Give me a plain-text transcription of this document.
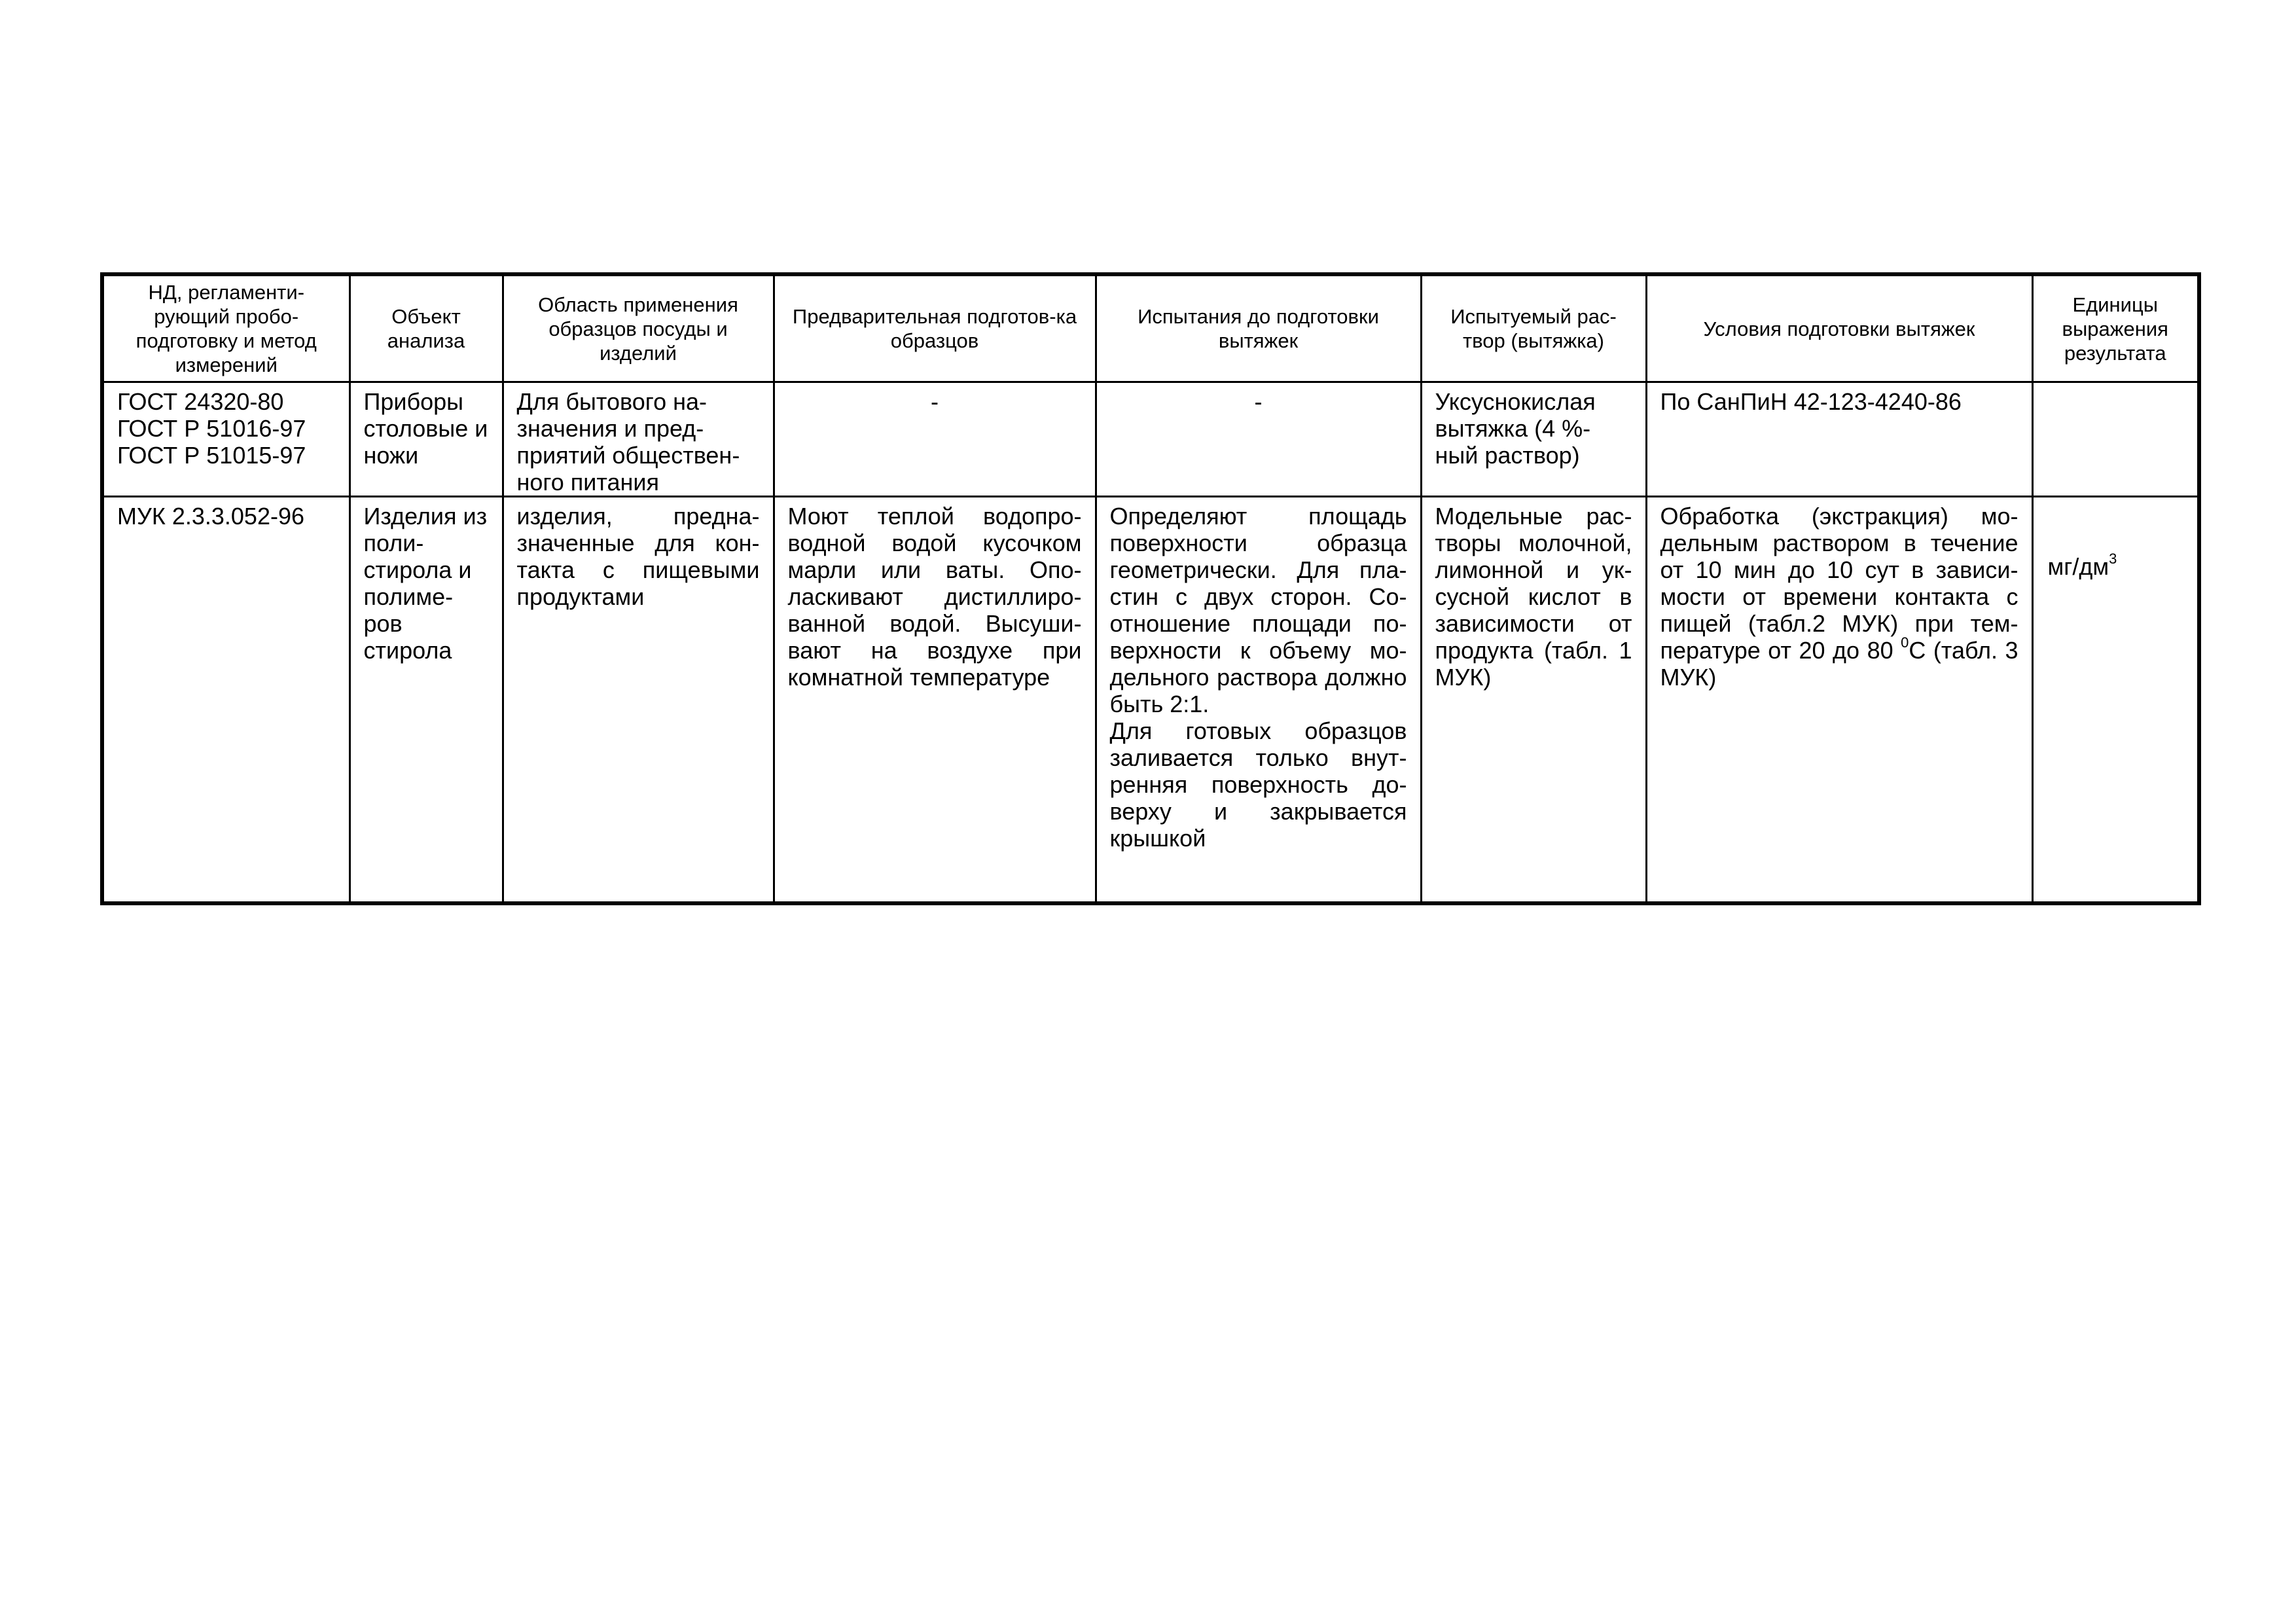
НД, регламенти-рующий пробо-подготовку и метод измерений	Объект анализа	Область применения образцов посуды и изделий	Предварительная подготов-ка образцов	Испытания до подготовки вытяжек	Испытуемый рас-твор (вытяжка)	Условия подготовки вытяжек	Единицы выражения результата

ГОСТ 24320-80
ГОСТ Р 51016-97
ГОСТ Р 51015-97	Приборы столовые и ножи	Для бытового на-значения и пред-приятий обществен-ного питания	-	-	Уксуснокислая вытяжка (4 %-ный раствор)	По СанПиН 42-123-4240-86	

МУК 2.3.3.052-96	Изделия из поли-стирола и полиме-ров стирола	изделия, предна-значенные для кон-такта с пищевыми продуктами	Моют теплой водопро-водной водой кусочком марли или ваты. Опо-ласкивают дистиллиро-ванной водой. Высуши-вают на воздухе при комнатной температуре	Определяют площадь поверхности образца геометрически. Для пла-стин с двух сторон. Со-отношение площади по-верхности к объему мо-дельного раствора должно быть 2:1.
Для готовых образцов заливается только внут-ренняя поверхность до-верху и закрывается крышкой	Модельные рас-творы молочной, лимонной и ук-сусной кислот в зависимости от продукта (табл. 1 МУК)	Обработка (экстракция) мо-дельным раствором в течение от 10 мин до 10 сут в зависи-мости от времени контакта с пищей (табл.2 МУК) при тем-пературе от 20 до 80 $^0$С (табл. 3 МУК)	$мг/дм^3$
